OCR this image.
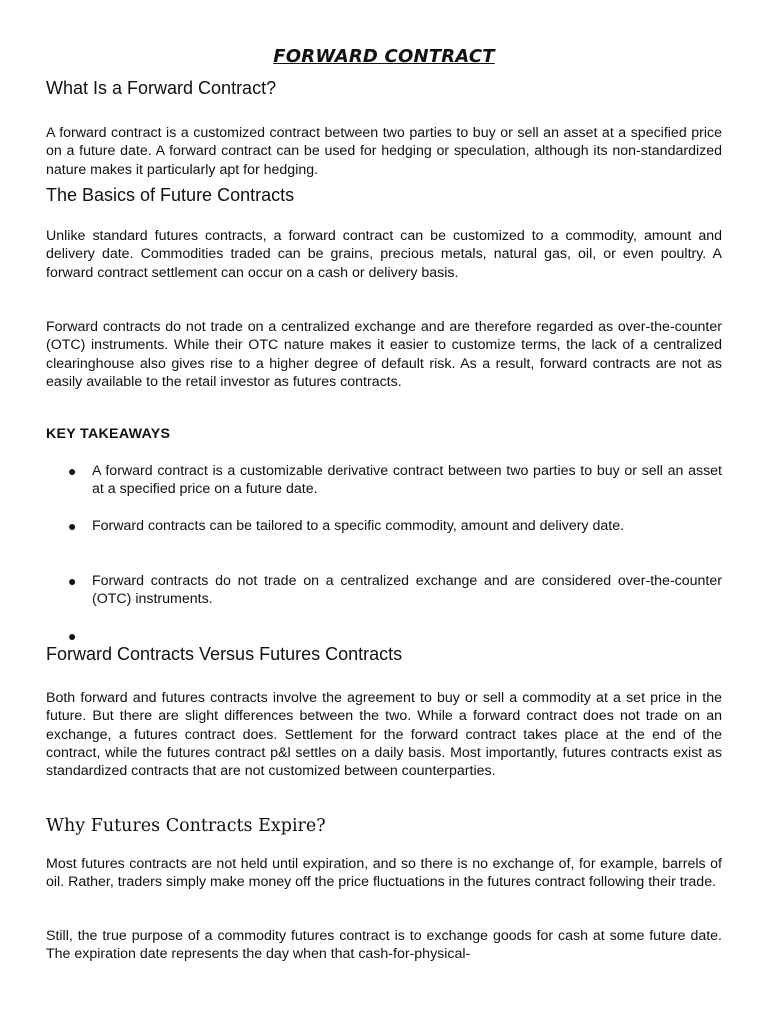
FORWARD CONTRACT
What Is a Forward Contract?

A forward contract is a customized contract between two parties to buy or sell an asset at a specified price on a future date. A forward contract can be used for hedging or speculation, although its non-standardized nature makes it particularly apt for hedging.

The Basics of Future Contracts

Unlike standard futures contracts, a forward contract can be customized to a commodity, amount and delivery date. Commodities traded can be grains, precious metals, natural gas, oil, or even poultry. A forward contract settlement can occur on a cash or delivery basis.

Forward contracts do not trade on a centralized exchange and are therefore regarded as over-the-counter (OTC) instruments. While their OTC nature makes it easier to customize terms, the lack of a centralized clearinghouse also gives rise to a higher degree of default risk. As a result, forward contracts are not as easily available to the retail investor as futures contracts.

KEY TAKEAWAYS
● A forward contract is a customizable derivative contract between two parties to buy or sell an asset at a specified price on a future date.
● Forward contracts can be tailored to a specific commodity, amount and delivery date.
● Forward contracts do not trade on a centralized exchange and are considered over-the-counter (OTC) instruments.
●
Forward Contracts Versus Futures Contracts

Both forward and futures contracts involve the agreement to buy or sell a commodity at a set price in the future. But there are slight differences between the two. While a forward contract does not trade on an exchange, a futures contract does. Settlement for the forward contract takes place at the end of the contract, while the futures contract p&l settles on a daily basis. Most importantly, futures contracts exist as standardized contracts that are not customized between counterparties.

Why Futures Contracts Expire?

Most futures contracts are not held until expiration, and so there is no exchange of, for example, barrels of oil. Rather, traders simply make money off the price fluctuations in the futures contract following their trade.

Still, the true purpose of a commodity futures contract is to exchange goods for cash at some future date. The expiration date represents the day when that cash-for-physical-
